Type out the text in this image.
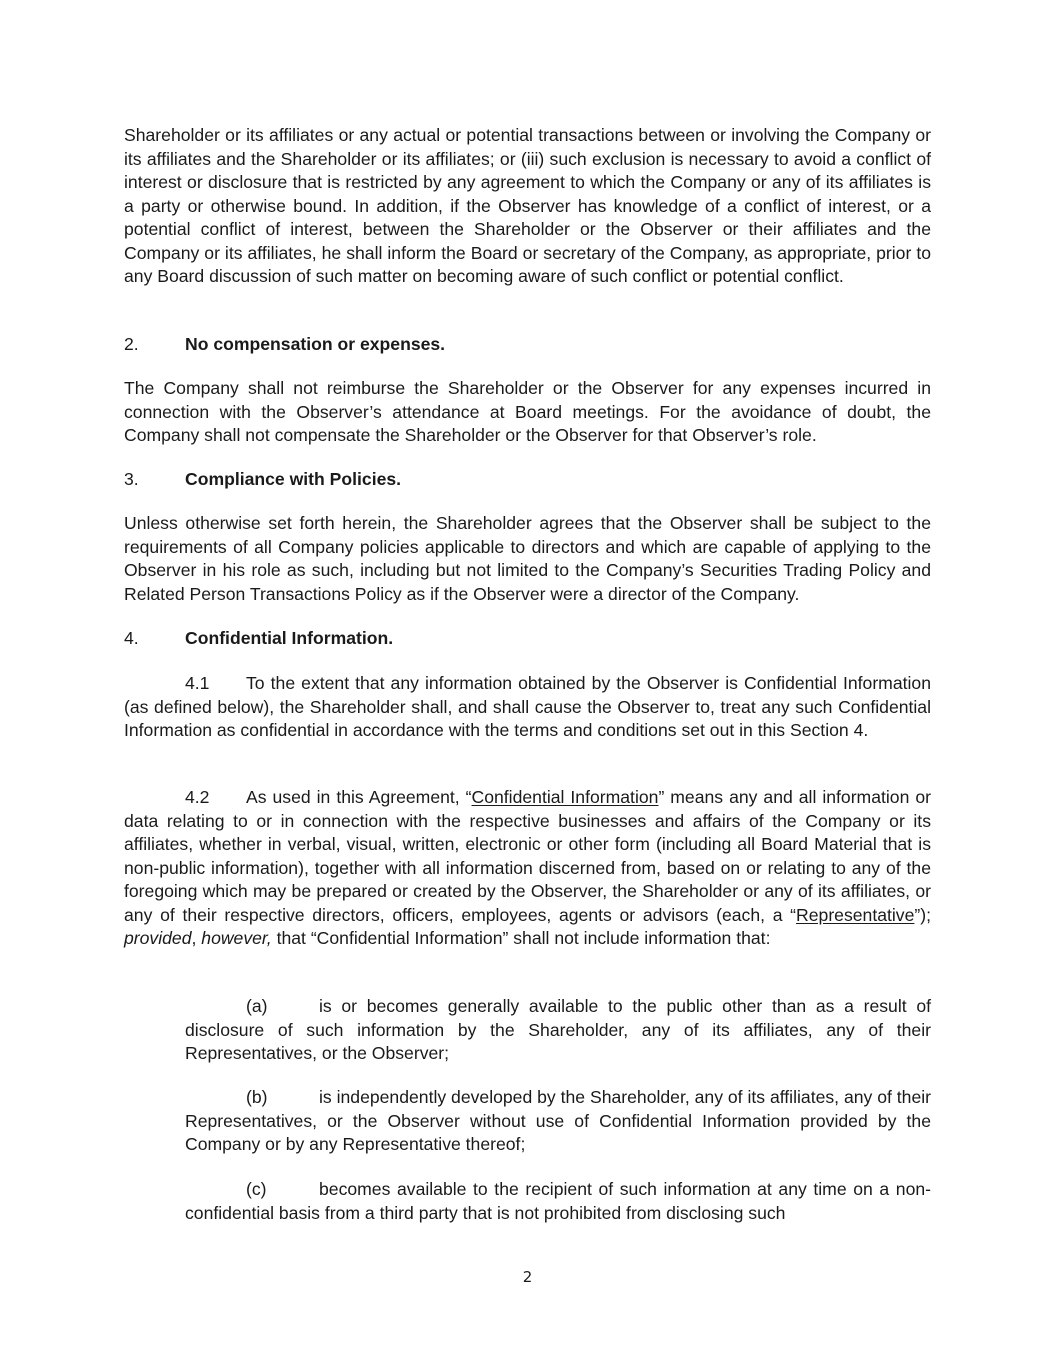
Shareholder or its affiliates or any actual or potential transactions between or involving the Company or its affiliates and the Shareholder or its affiliates; or (iii) such exclusion is necessary to avoid a conflict of interest or disclosure that is restricted by any agreement to which the Company or any of its affiliates is a party or otherwise bound. In addition, if the Observer has knowledge of a conflict of interest, or a potential conflict of interest, between the Shareholder or the Observer or their affiliates and the Company or its affiliates, he shall inform the Board or secretary of the Company, as appropriate, prior to any Board discussion of such matter on becoming aware of such conflict or potential conflict.

2.	No compensation or expenses.

The Company shall not reimburse the Shareholder or the Observer for any expenses incurred in connection with the Observer’s attendance at Board meetings. For the avoidance of doubt, the Company shall not compensate the Shareholder or the Observer for that Observer’s role.

3.	Compliance with Policies.

Unless otherwise set forth herein, the Shareholder agrees that the Observer shall be subject to the requirements of all Company policies applicable to directors and which are capable of applying to the Observer in his role as such, including but not limited to the Company’s Securities Trading Policy and Related Person Transactions Policy as if the Observer were a director of the Company.

4.	Confidential Information.

4.1 To the extent that any information obtained by the Observer is Confidential Information (as defined below), the Shareholder shall, and shall cause the Observer to, treat any such Confidential Information as confidential in accordance with the terms and conditions set out in this Section 4.

4.2 As used in this Agreement, “Confidential Information” means any and all information or data relating to or in connection with the respective businesses and affairs of the Company or its affiliates, whether in verbal, visual, written, electronic or other form (including all Board Material that is non-public information), together with all information discerned from, based on or relating to any of the foregoing which may be prepared or created by the Observer, the Shareholder or any of its affiliates, or any of their respective directors, officers, employees, agents or advisors (each, a “Representative”); provided, however, that “Confidential Information” shall not include information that:

(a)	is or becomes generally available to the public other than as a result of disclosure of such information by the Shareholder, any of its affiliates, any of their Representatives, or the Observer;

(b)	is independently developed by the Shareholder, any of its affiliates, any of their Representatives, or the Observer without use of Confidential Information provided by the Company or by any Representative thereof;

(c)	becomes available to the recipient of such information at any time on a non-confidential basis from a third party that is not prohibited from disclosing such

2
